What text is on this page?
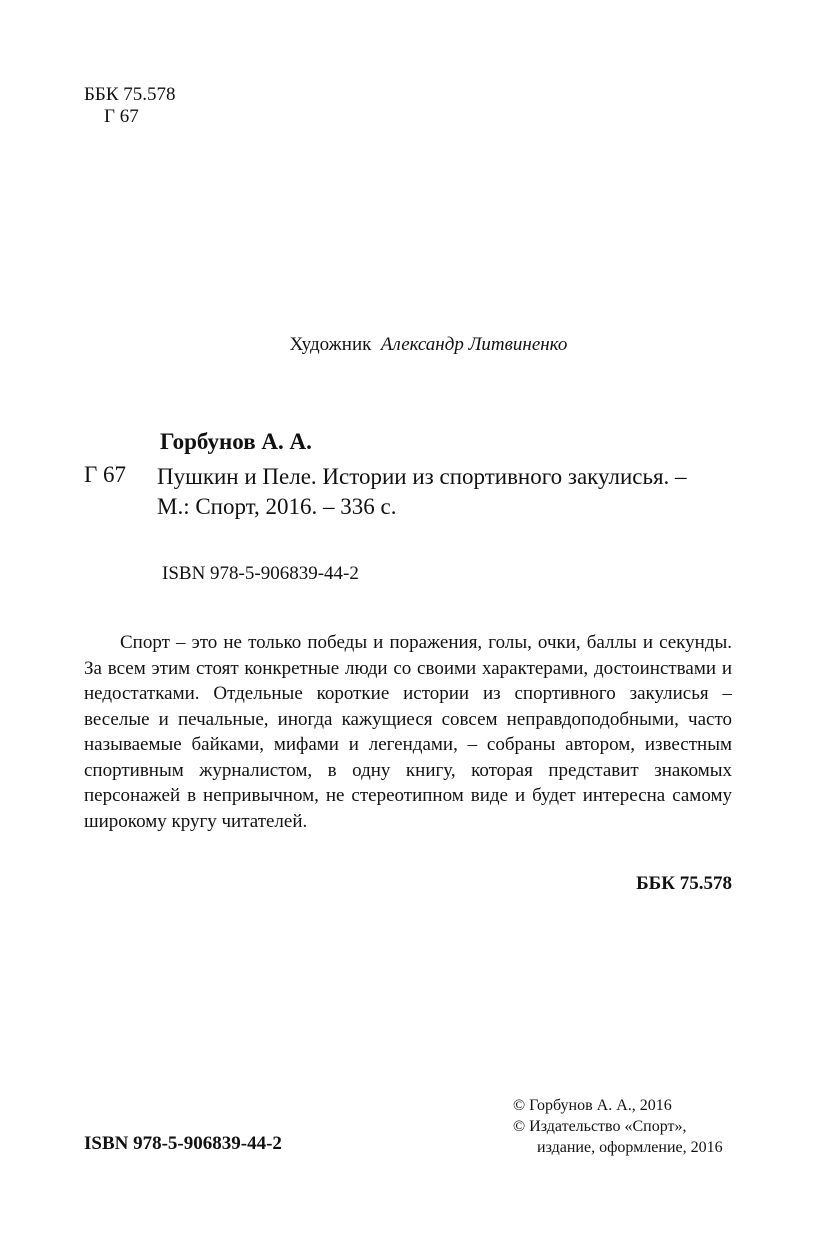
ББК 75.578
Г 67
Художник Александр Литвиненко
Горбунов А. А.
Г 67 Пушкин и Пеле. Истории из спортивного закулисья. –
М.: Спорт, 2016. – 336 с.
ISBN 978-5-906839-44-2

Спорт – это не только победы и поражения, голы, очки, баллы и секунды. За всем этим стоят конкретные люди со своими характерами, достоинствами и недостатками. Отдельные короткие истории из спортивного закулисья – веселые и печальные, иногда кажущиеся совсем неправдоподобными, часто называемые байками, мифами и легендами, – собраны автором, известным спортивным журналистом, в одну книгу, которая представит знакомых персонажей в непривычном, не стереотипном виде и будет интересна самому широкому кругу читателей.

ББК 75.578
© Горбунов А. А., 2016
© Издательство «Спорт»,
издание, оформление, 2016
ISBN 978-5-906839-44-2
